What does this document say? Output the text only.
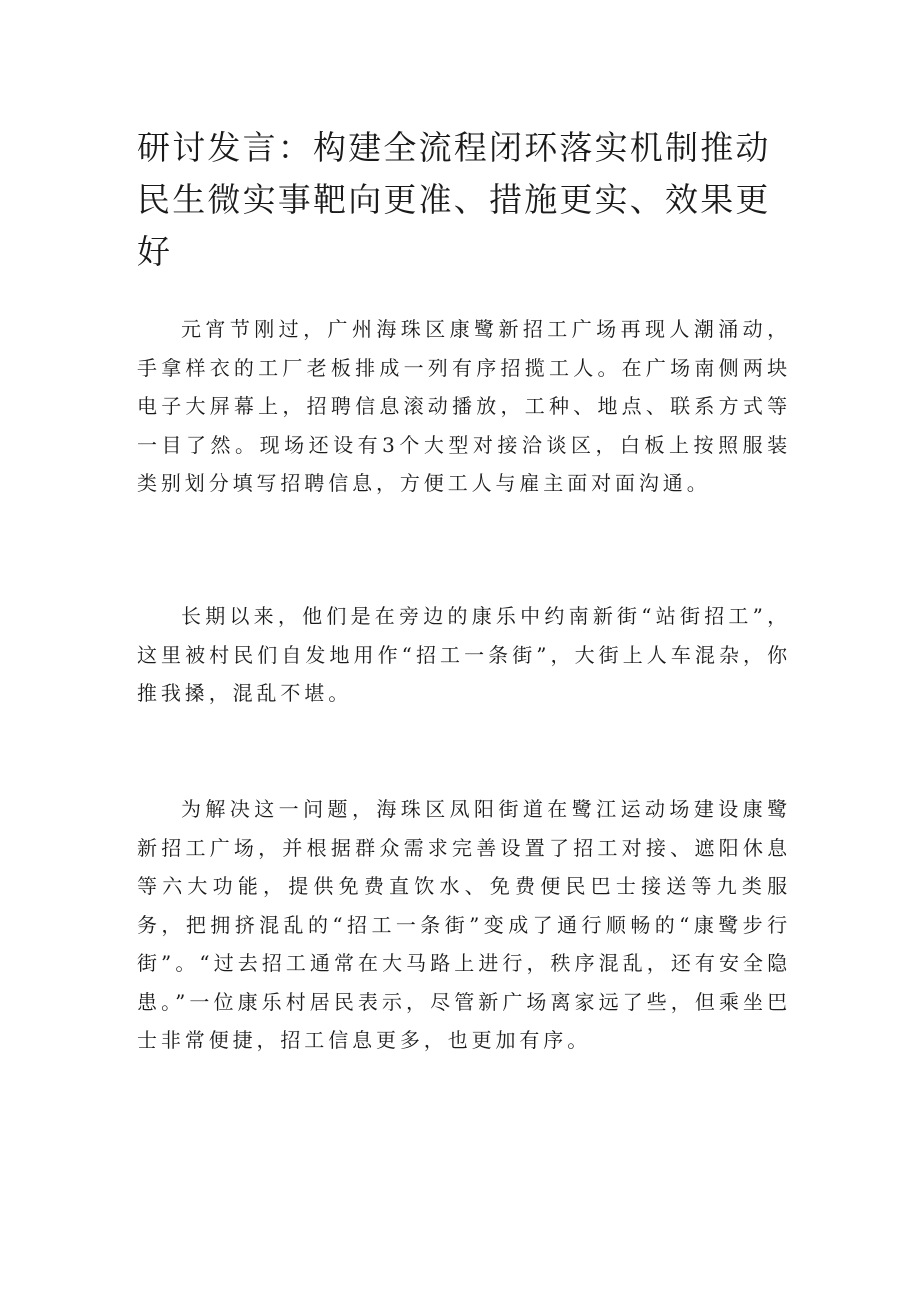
研讨发言：构建全流程闭环落实机制推动民生微实事靶向更准、措施更实、效果更好

元宵节刚过，广州海珠区康鹭新招工广场再现人潮涌动，手拿样衣的工厂老板排成一列有序招揽工人。在广场南侧两块电子大屏幕上，招聘信息滚动播放，工种、地点、联系方式等一目了然。现场还设有3个大型对接洽谈区，白板上按照服装类别划分填写招聘信息，方便工人与雇主面对面沟通。

长期以来，他们是在旁边的康乐中约南新街“站街招工”，这里被村民们自发地用作“招工一条街”，大街上人车混杂，你推我搡，混乱不堪。

为解决这一问题，海珠区凤阳街道在鹭江运动场建设康鹭新招工广场，并根据群众需求完善设置了招工对接、遮阳休息等六大功能，提供免费直饮水、免费便民巴士接送等九类服务，把拥挤混乱的“招工一条街”变成了通行顺畅的“康鹭步行街”。“过去招工通常在大马路上进行，秩序混乱，还有安全隐患。”一位康乐村居民表示，尽管新广场离家远了些，但乘坐巴士非常便捷，招工信息更多，也更加有序。
